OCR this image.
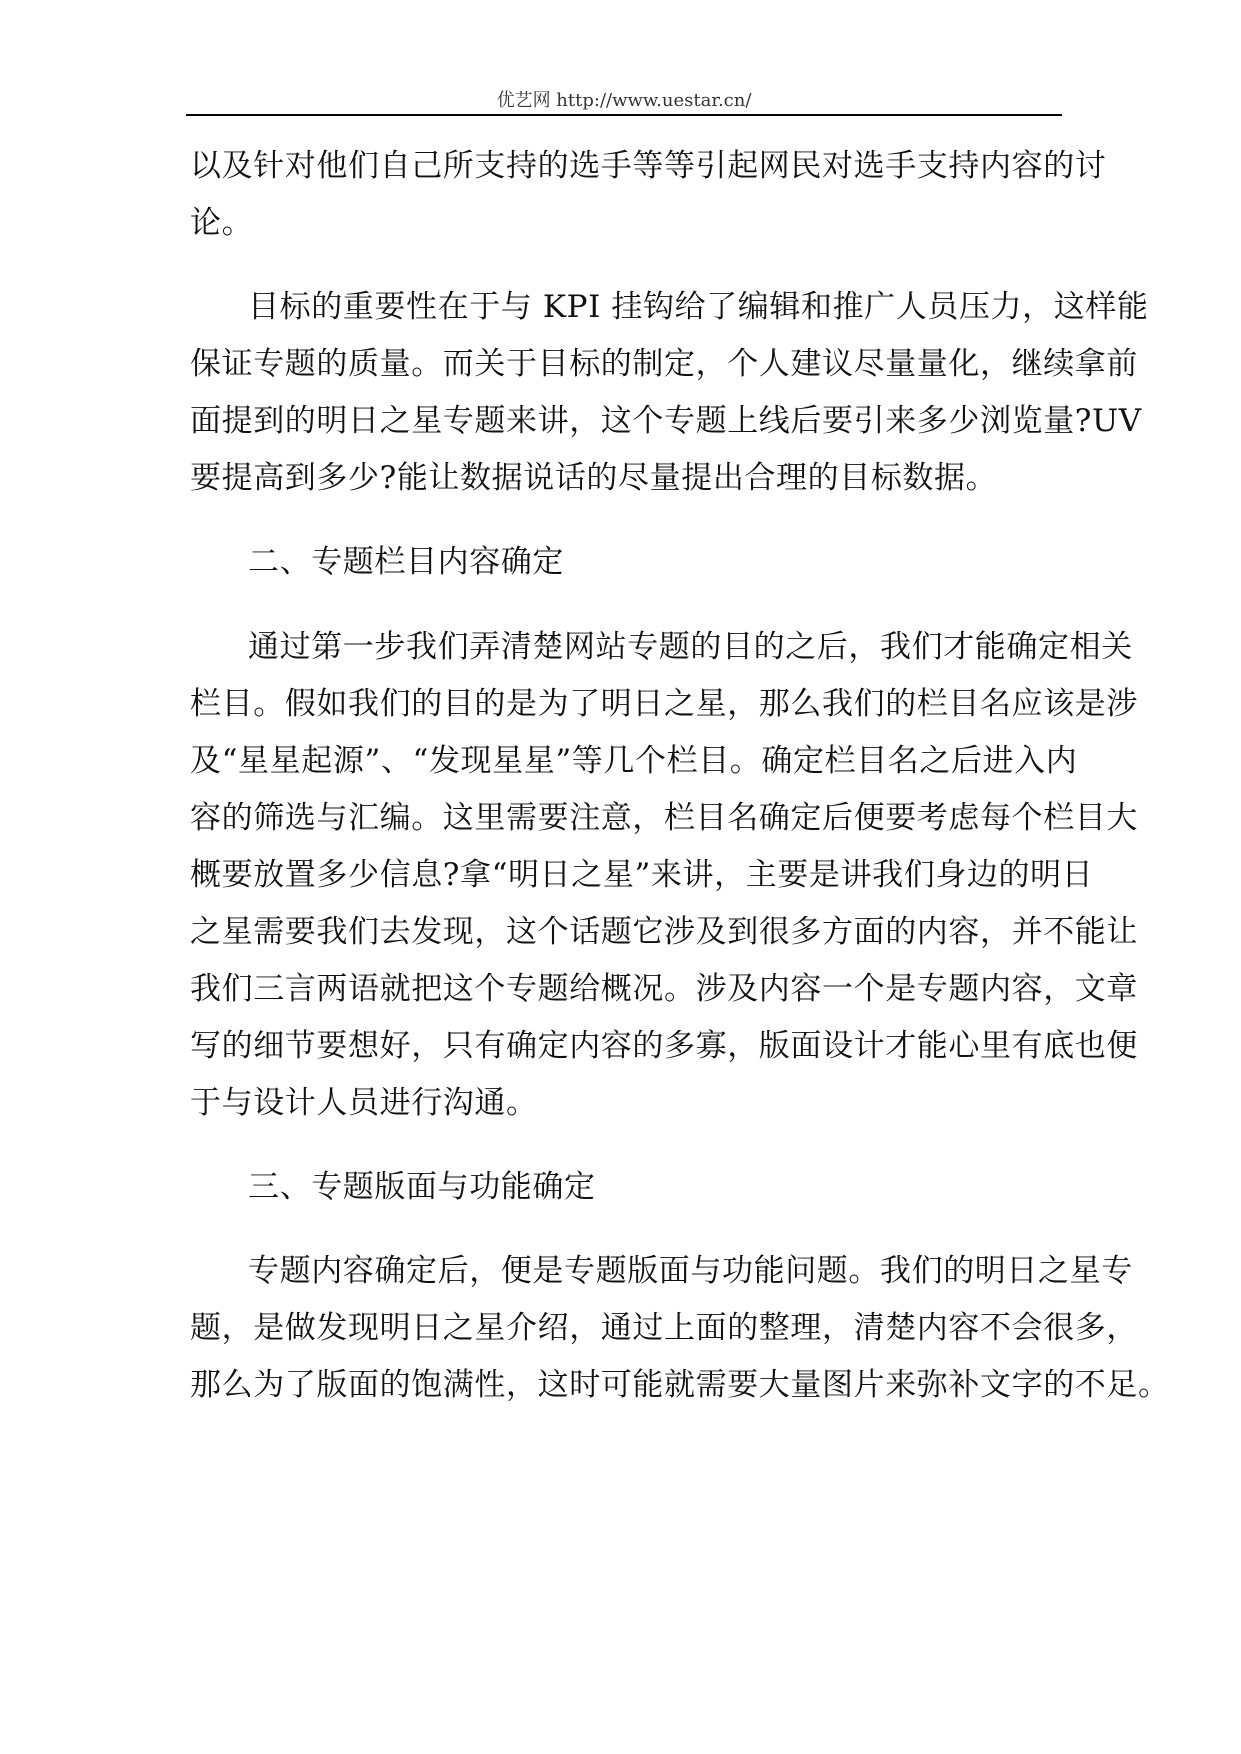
优艺网 http://www.uestar.cn/
以及针对他们自己所支持的选手等等引起网民对选手支持内容的讨
论。
目标的重要性在于与 KPI 挂钩给了编辑和推广人员压力，这样能
保证专题的质量。而关于目标的制定，个人建议尽量量化，继续拿前
面提到的明日之星专题来讲，这个专题上线后要引来多少浏览量?UV
要提高到多少?能让数据说话的尽量提出合理的目标数据。
二、专题栏目内容确定
通过第一步我们弄清楚网站专题的目的之后，我们才能确定相关
栏目。假如我们的目的是为了明日之星，那么我们的栏目名应该是涉
及“星星起源”、“发现星星”等几个栏目。确定栏目名之后进入内
容的筛选与汇编。这里需要注意，栏目名确定后便要考虑每个栏目大
概要放置多少信息?拿“明日之星”来讲，主要是讲我们身边的明日
之星需要我们去发现，这个话题它涉及到很多方面的内容，并不能让
我们三言两语就把这个专题给概况。涉及内容一个是专题内容，文章
写的细节要想好，只有确定内容的多寡，版面设计才能心里有底也便
于与设计人员进行沟通。
三、专题版面与功能确定
专题内容确定后，便是专题版面与功能问题。我们的明日之星专
题，是做发现明日之星介绍，通过上面的整理，清楚内容不会很多，
那么为了版面的饱满性，这时可能就需要大量图片来弥补文字的不足。
